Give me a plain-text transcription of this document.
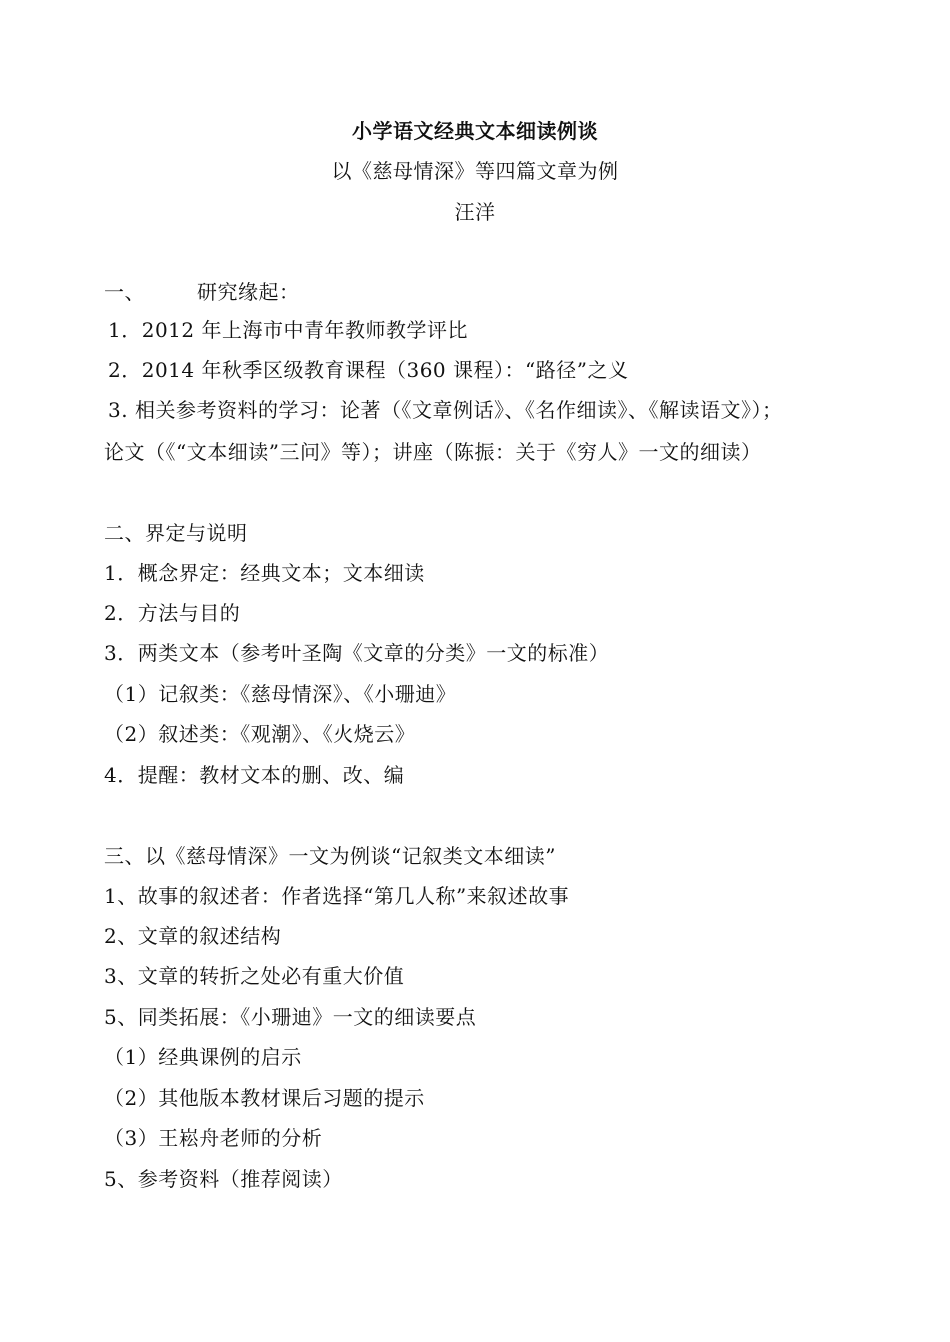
小学语文经典文本细读例谈
以《慈母情深》等四篇文章为例
汪洋
一、	研究缘起：
1．2012 年上海市中青年教师教学评比
2．2014 年秋季区级教育课程（360 课程）：“路径”之义
3. 相关参考资料的学习：论著（《文章例话》、《名作细读》、《解读语文》）；
论文（《“文本细读”三问》等）；讲座（陈振：关于《穷人》一文的细读）
二、界定与说明
1．概念界定：经典文本；文本细读
2．方法与目的
3．两类文本（参考叶圣陶《文章的分类》一文的标准）
（1）记叙类：《慈母情深》、《小珊迪》
（2）叙述类：《观潮》、《火烧云》
4．提醒：教材文本的删、改、编
三、以《慈母情深》一文为例谈“记叙类文本细读”
1、故事的叙述者：作者选择“第几人称”来叙述故事
2、文章的叙述结构
3、文章的转折之处必有重大价值
5、同类拓展：《小珊迪》一文的细读要点
（1）经典课例的启示
（2）其他版本教材课后习题的提示
（3）王崧舟老师的分析
5、参考资料（推荐阅读）
